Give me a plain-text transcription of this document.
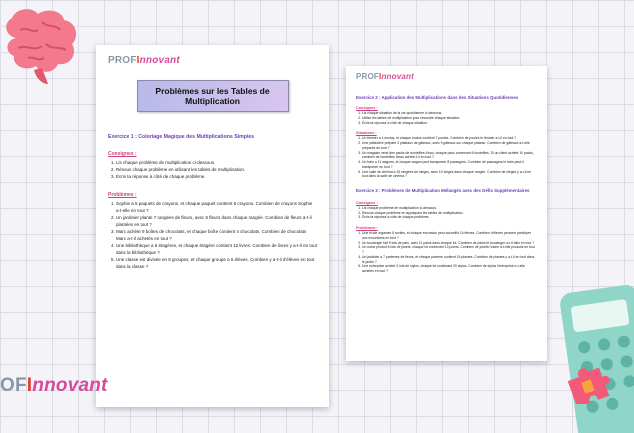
PROFInnovant
Problèmes sur les Tables de Multiplication
Exercice 1 : Coloriage Magique des Multiplications Simples
Consignes :
1. Lis chaque problème de multiplication ci-dessous.
2. Résous chaque problème en utilisant les tables de multiplication.
3. Écris ta réponse à côté de chaque problème.
Problèmes :
1. Sophie a 5 paquets de crayons, et chaque paquet contient 8 crayons. Combien de crayons Sophie a-t-elle en tout ?
2. Un jardinier plante 7 rangées de fleurs, avec 6 fleurs dans chaque rangée. Combien de fleurs a-t-il plantées en tout ?
3. Marc achète 9 boîtes de chocolats, et chaque boîte contient 4 chocolats. Combien de chocolats Marc a-t-il achetés en tout ?
4. Une bibliothèque a 6 étagères, et chaque étagère contient 12 livres. Combien de livres y a-t-il en tout dans la bibliothèque ?
5. Une classe est divisée en 8 groupes, et chaque groupe a 5 élèves. Combien y a-t-il d'élèves en tout dans la classe ?
PROFInnovant
Exercice 2 : Application des Multiplications dans des Situations Quotidiennes
Consignes :
1. Lis chaque situation de la vie quotidienne ci-dessous.
2. Utilise les tables de multiplication pour résoudre chaque situation.
3. Écris ta réponse à côté de chaque situation.
Situations :
1. Un fermier a 4 enclos, et chaque enclos contient 7 poules. Combien de poules le fermier a-t-il en tout ?
2. Une pâtissière prépare 3 plateaux de gâteaux, avec 9 gâteaux sur chaque plateau. Combien de gâteaux a-t-elle préparés en tout ?
3. Un magasin vend des packs de bouteilles d'eau, chaque pack contenant 6 bouteilles. Si un client achète 10 packs, combien de bouteilles d'eau achète-t-il en tout ?
4. Un train a 11 wagons, et chaque wagon peut transporter 8 passagers. Combien de passagers le train peut-il transporter en tout ?
5. Une salle de cinéma a 15 rangées de sièges, avec 10 sièges dans chaque rangée. Combien de sièges y a-t-il en tout dans la salle de cinéma ?
Exercice 3 : Problèmes de Multiplication Mélangés avec des Défis Supplémentaires
Consignes :
1. Lis chaque problème de multiplication ci-dessous.
2. Résous chaque problème en appliquant les tables de multiplication.
3. Écris ta réponse à côté de chaque problème.
Problèmes :
1. Une école organise 5 sorties, et chaque excursion peut accueillir 14 élèves. Combien d'élèves peuvent participer aux excursions en tout ?
2. Un boulanger fait 9 lots de pain, avec 11 pains dans chaque lot. Combien de pains le boulanger a-t-il faits en tout ?
3. Un usine produit 6 lots de jouets, chaque lot contenant 13 jouets. Combien de jouets l'usine a-t-elle produits en tout ?
4. Un jardinier a 7 parterres de fleurs, et chaque parterre contient 15 plantes. Combien de plantes y a-t-il en tout dans le jardin ?
5. Une entreprise achète 3 lots de stylos, chaque lot contenant 20 stylos. Combien de stylos l'entreprise a-t-elle achetés en tout ?
OFInnovant
